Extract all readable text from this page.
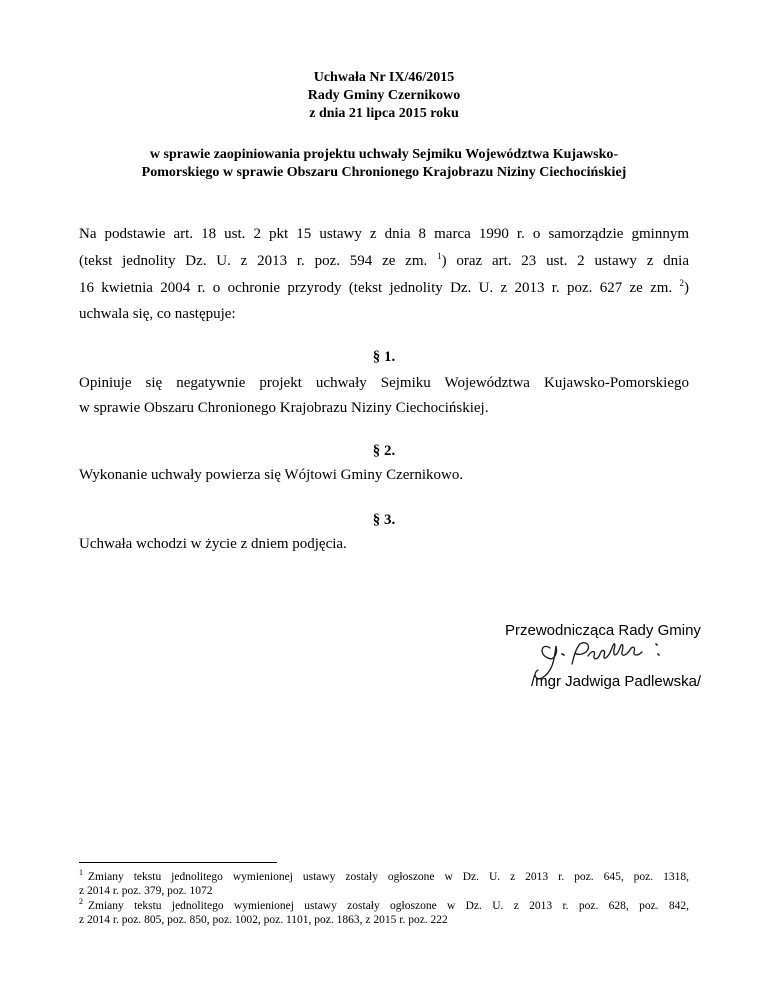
Uchwała Nr IX/46/2015
Rady Gminy Czernikowo
z dnia 21 lipca 2015 roku
w sprawie zaopiniowania projektu uchwały Sejmiku Województwa Kujawsko-
Pomorskiego w sprawie Obszaru Chronionego Krajobrazu Niziny Ciechocińskiej
Na podstawie art. 18 ust. 2 pkt 15 ustawy z dnia 8 marca 1990 r. o samorządzie gminnym
(tekst jednolity Dz. U. z 2013 r. poz. 594 ze zm. $^1$) oraz art. 23 ust. 2 ustawy z dnia
16 kwietnia 2004 r. o ochronie przyrody (tekst jednolity Dz. U. z 2013 r. poz. 627 ze zm. $^2$)
uchwala się, co następuje:
§ 1.
Opiniuje się negatywnie projekt uchwały Sejmiku Województwa Kujawsko-Pomorskiego
w sprawie Obszaru Chronionego Krajobrazu Niziny Ciechocińskiej.
§ 2.
Wykonanie uchwały powierza się Wójtowi Gminy Czernikowo.
§ 3.
Uchwała wchodzi w życie z dniem podjęcia.
Przewodnicząca Rady Gminy
/mgr Jadwiga Padlewska/
1 Zmiany tekstu jednolitego wymienionej ustawy zostały ogłoszone w Dz. U. z 2013 r. poz. 645, poz. 1318,
z 2014 r. poz. 379, poz. 1072
2 Zmiany tekstu jednolitego wymienionej ustawy zostały ogłoszone w Dz. U. z 2013 r. poz. 628, poz. 842,
z 2014 r. poz. 805, poz. 850, poz. 1002, poz. 1101, poz. 1863, z 2015 r. poz. 222
